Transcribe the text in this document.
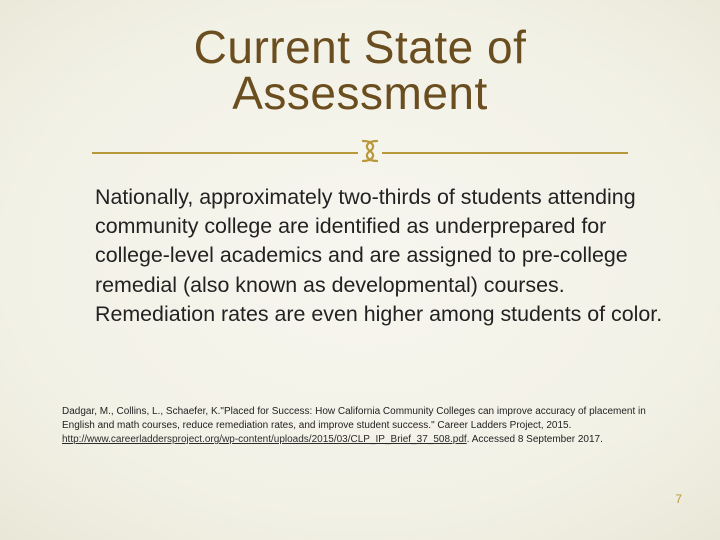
Current State of Assessment

Nationally, approximately two-thirds of students attending community college are identified as underprepared for college-level academics and are assigned to pre-college remedial (also known as developmental) courses. Remediation rates are even higher among students of color.

Dadgar, M., Collins, L., Schaefer, K."Placed for Success: How California Community Colleges can improve accuracy of placement in English and math courses, reduce remediation rates, and improve student success." Career Ladders Project, 2015. http://www.careerladdersproject.org/wp-content/uploads/2015/03/CLP_IP_Brief_37_508.pdf. Accessed 8 September 2017.

7
